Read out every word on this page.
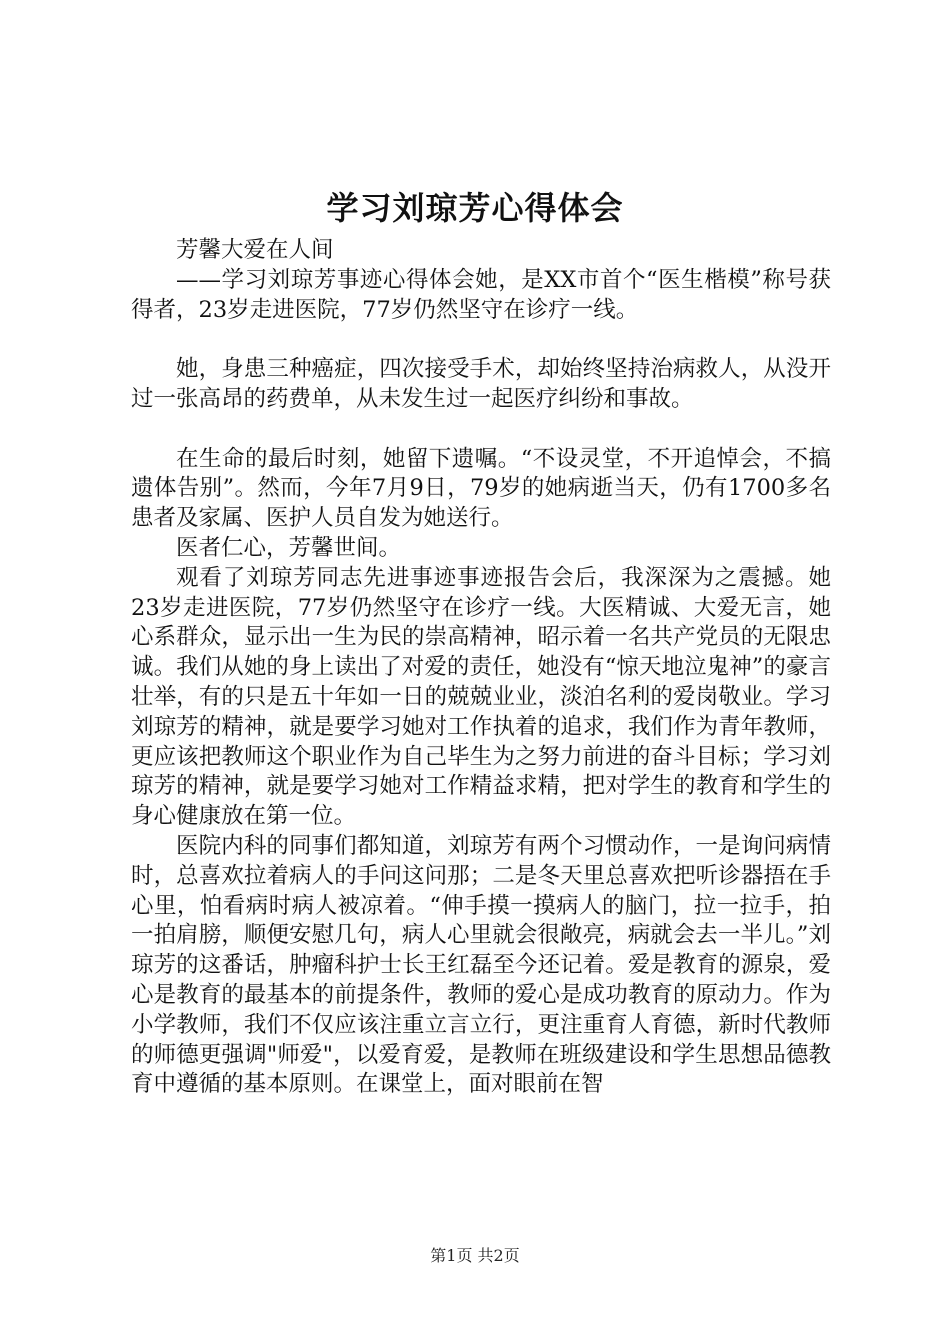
学习刘琼芳心得体会

芳馨大爱在人间

——学习刘琼芳事迹心得体会她，是XX市首个“医生楷模”称号获得者，23岁走进医院，77岁仍然坚守在诊疗一线。

她，身患三种癌症，四次接受手术，却始终坚持治病救人，从没开过一张高昂的药费单，从未发生过一起医疗纠纷和事故。

在生命的最后时刻，她留下遗嘱。“不设灵堂，不开追悼会，不搞遗体告别”。然而，今年7月9日，79岁的她病逝当天，仍有1700多名患者及家属、医护人员自发为她送行。

医者仁心，芳馨世间。

观看了刘琼芳同志先进事迹事迹报告会后，我深深为之震撼。她23岁走进医院，77岁仍然坚守在诊疗一线。大医精诚、大爱无言，她心系群众，显示出一生为民的崇高精神，昭示着一名共产党员的无限忠诚。我们从她的身上读出了对爱的责任，她没有“惊天地泣鬼神”的豪言壮举，有的只是五十年如一日的兢兢业业，淡泊名利的爱岗敬业。学习刘琼芳的精神，就是要学习她对工作执着的追求，我们作为青年教师，更应该把教师这个职业作为自己毕生为之努力前进的奋斗目标；学习刘琼芳的精神，就是要学习她对工作精益求精，把对学生的教育和学生的身心健康放在第一位。

医院内科的同事们都知道，刘琼芳有两个习惯动作，一是询问病情时，总喜欢拉着病人的手问这问那；二是冬天里总喜欢把听诊器捂在手心里，怕看病时病人被凉着。“伸手摸一摸病人的脑门，拉一拉手，拍一拍肩膀，顺便安慰几句，病人心里就会很敞亮，病就会去一半儿。”刘琼芳的这番话，肿瘤科护士长王红磊至今还记着。爱是教育的源泉，爱心是教育的最基本的前提条件，教师的爱心是成功教育的原动力。作为小学教师，我们不仅应该注重立言立行，更注重育人育德，新时代教师的师德更强调"师爱"，以爱育爱，是教师在班级建设和学生思想品德教育中遵循的基本原则。在课堂上，面对眼前在智

第1页 共2页
